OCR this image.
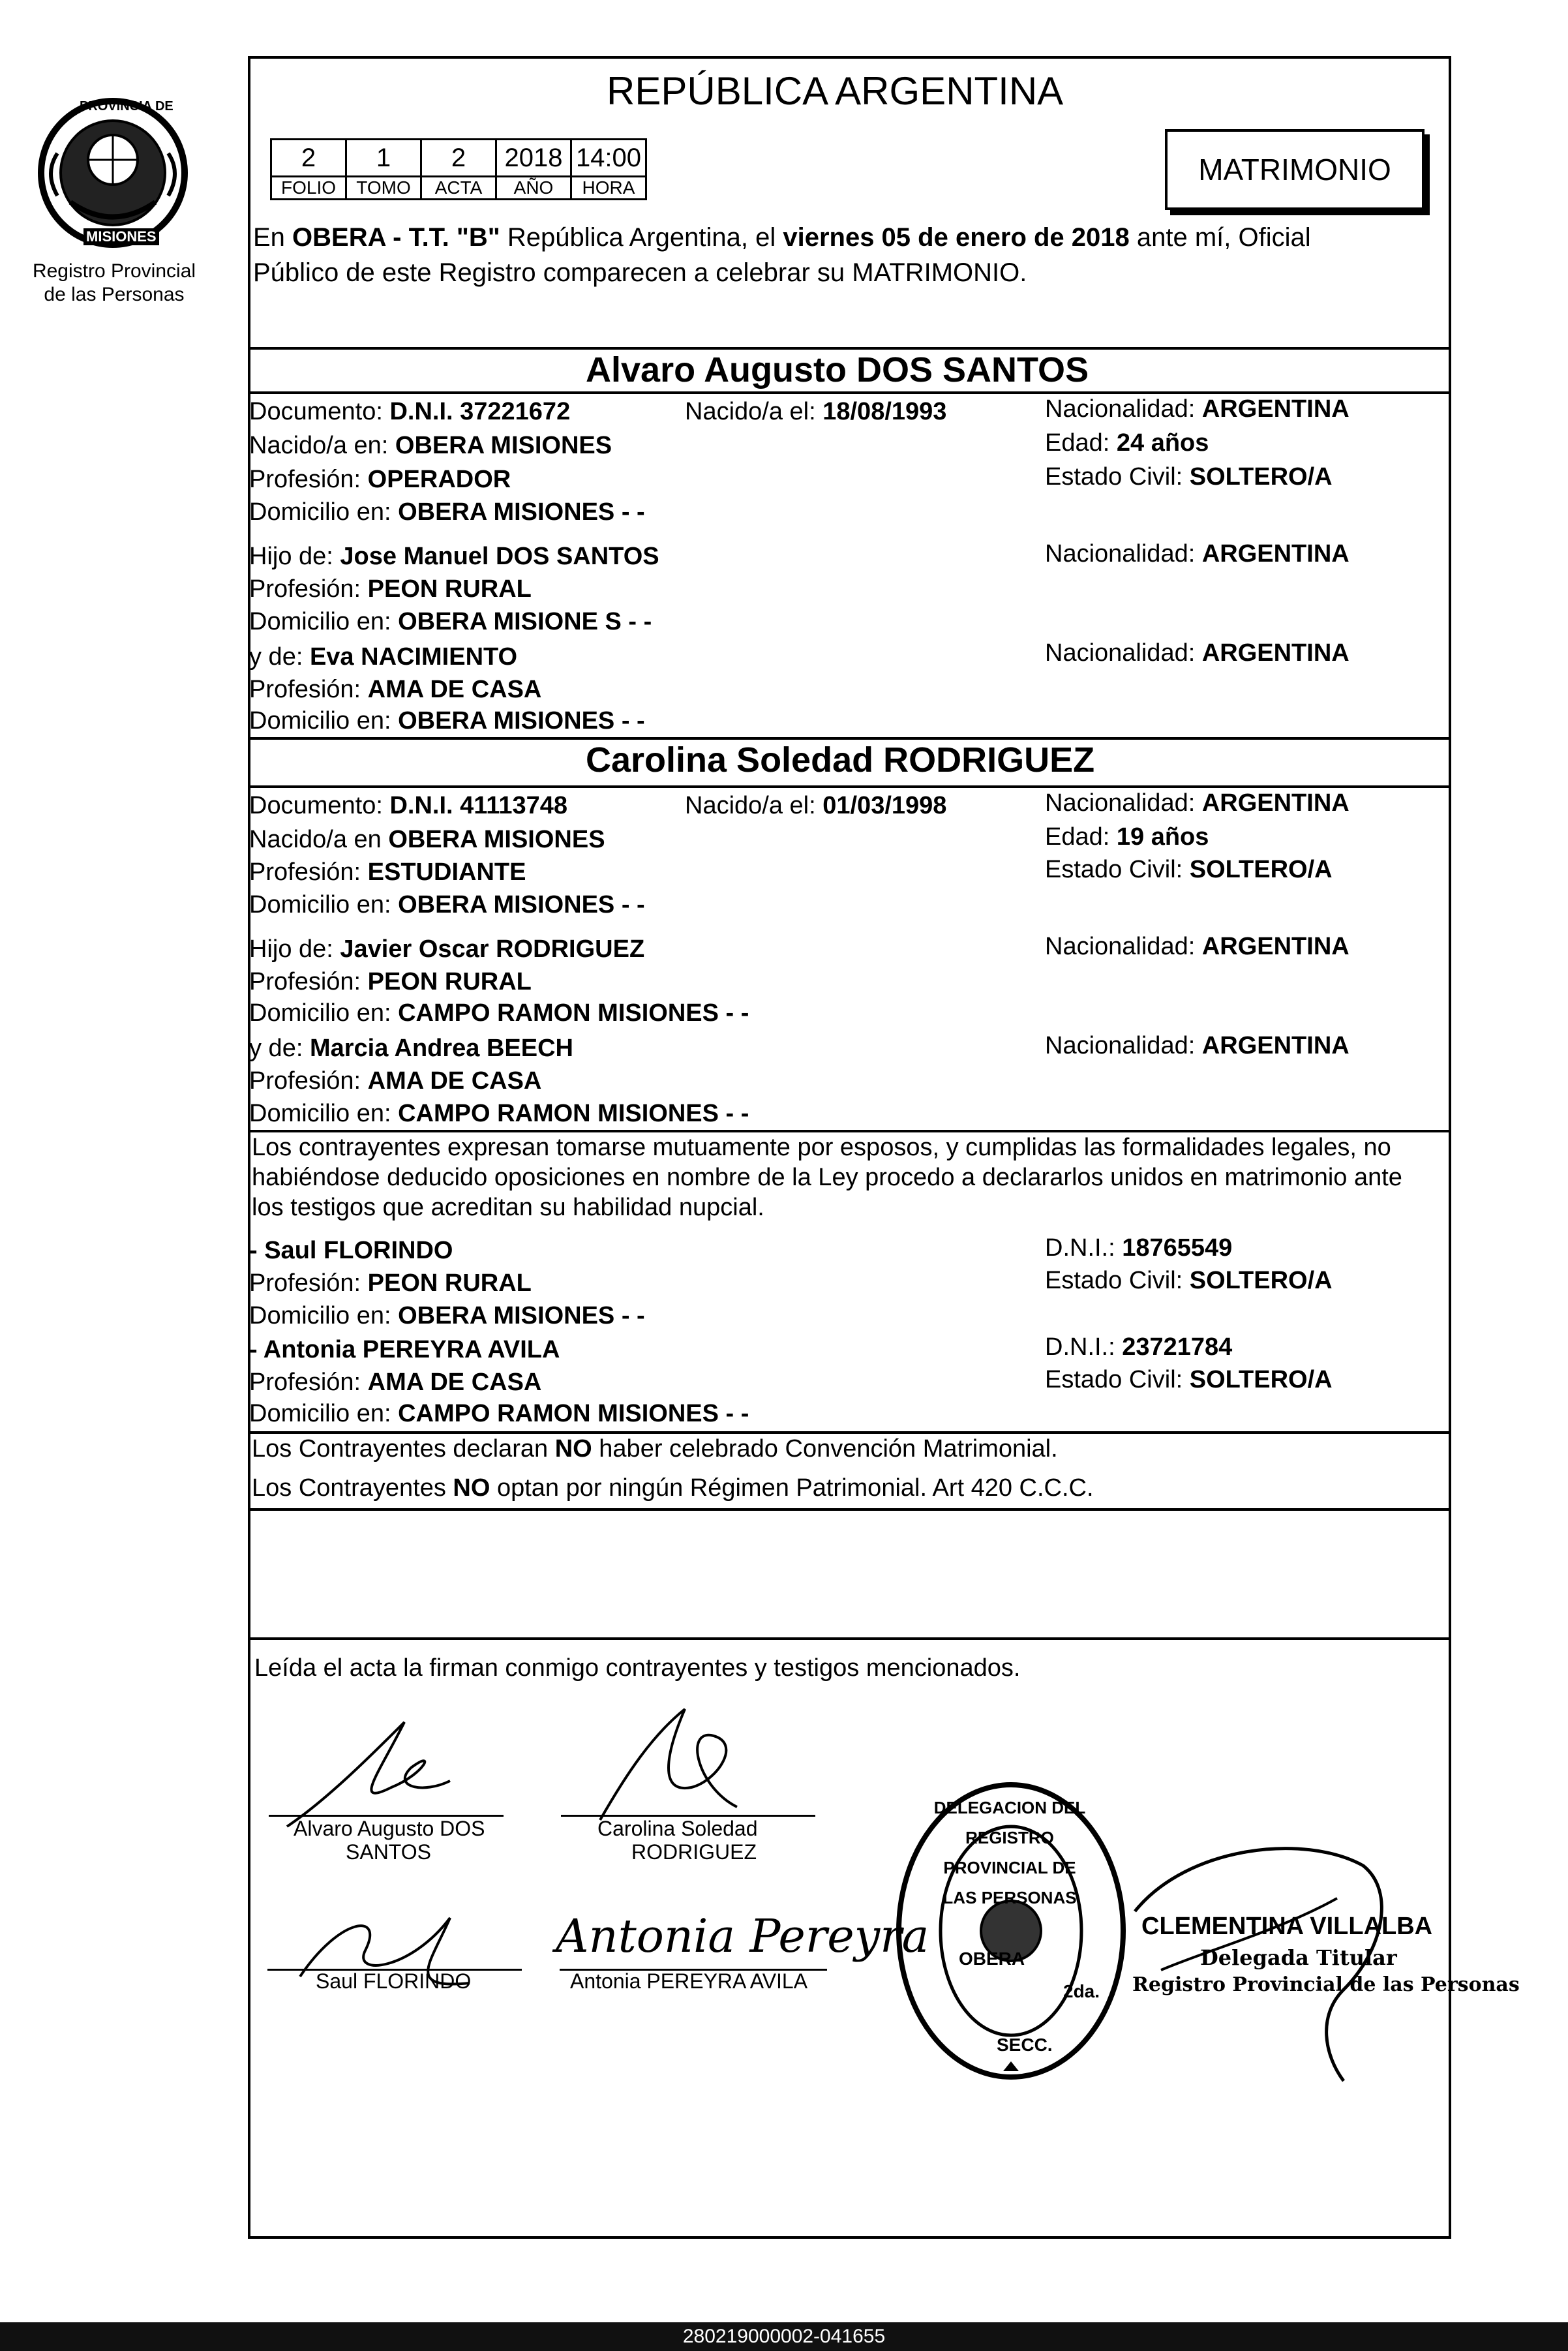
PROVINCIA DE
MISIONES
Registro Provincial
de las Personas
REPÚBLICA ARGENTINA
2	1	2	2018	14:00
FOLIO	TOMO	ACTA	AÑO	HORA
MATRIMONIO
En OBERA - T.T. "B" República Argentina, el viernes 05 de enero de 2018 ante mí, Oficial
Público de este Registro comparecen a celebrar su MATRIMONIO.
Alvaro Augusto DOS SANTOS
Documento: D.N.I. 37221672	Nacido/a el: 18/08/1993	Nacionalidad: ARGENTINA
Nacido/a en: OBERA MISIONES	Edad: 24 años
Profesión: OPERADOR	Estado Civil: SOLTERO/A
Domicilio en: OBERA MISIONES - -
Hijo de: Jose Manuel DOS SANTOS	Nacionalidad: ARGENTINA
Profesión: PEON RURAL
Domicilio en: OBERA MISIONE S - -
y de: Eva NACIMIENTO	Nacionalidad: ARGENTINA
Profesión: AMA DE CASA
Domicilio en: OBERA MISIONES - -
Carolina Soledad RODRIGUEZ
Documento: D.N.I. 41113748	Nacido/a el: 01/03/1998	Nacionalidad: ARGENTINA
Nacido/a en OBERA MISIONES	Edad: 19 años
Profesión: ESTUDIANTE	Estado Civil: SOLTERO/A
Domicilio en: OBERA MISIONES - -
Hijo de: Javier Oscar RODRIGUEZ	Nacionalidad: ARGENTINA
Profesión: PEON RURAL
Domicilio en: CAMPO RAMON MISIONES - -
y de: Marcia Andrea BEECH	Nacionalidad: ARGENTINA
Profesión: AMA DE CASA
Domicilio en: CAMPO RAMON MISIONES - -
Los contrayentes expresan tomarse mutuamente por esposos, y cumplidas las formalidades legales, no
habiéndose deducido oposiciones en nombre de la Ley procedo a declararlos unidos en matrimonio ante
los testigos que acreditan su habilidad nupcial.
- Saul FLORINDO	D.N.I.: 18765549
Profesión: PEON RURAL	Estado Civil: SOLTERO/A
Domicilio en: OBERA MISIONES - -
- Antonia PEREYRA AVILA	D.N.I.: 23721784
Profesión: AMA DE CASA	Estado Civil: SOLTERO/A
Domicilio en: CAMPO RAMON MISIONES - -
Los Contrayentes declaran NO haber celebrado Convención Matrimonial.
Los Contrayentes NO optan por ningún Régimen Patrimonial. Art 420 C.C.C.
Leída el acta la firman conmigo contrayentes y testigos mencionados.
Alvaro Augusto DOS
SANTOS
Carolina Soledad
RODRIGUEZ
Saul FLORINDO
Antonia Pereyra
Antonia PEREYRA AVILA
DELEGACION DEL REGISTRO PROVINCIAL DE LAS PERSONAS
OBERA
2da.
SECC.
CLEMENTINA VILLALBA
Delegada Titular
Registro Provincial de las Personas
280219000002-041655
